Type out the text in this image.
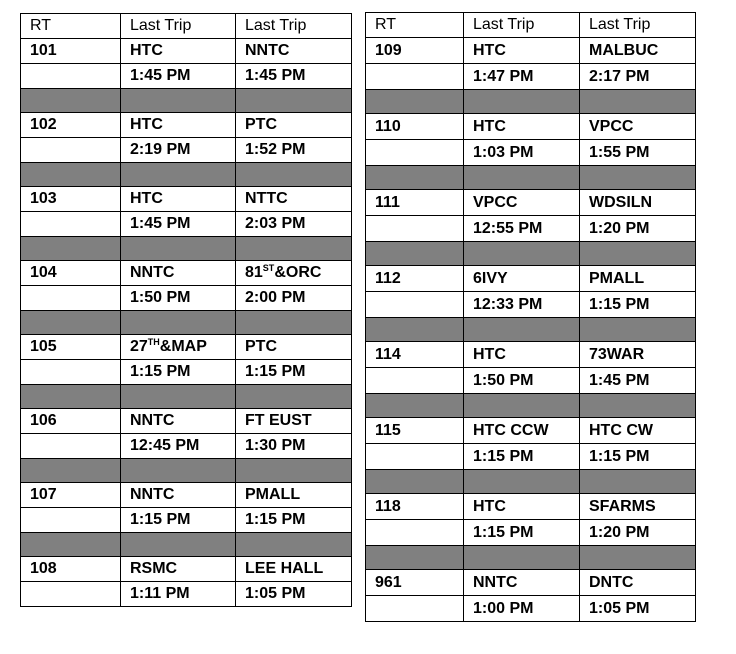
RT	Last Trip	Last Trip
101	HTC	NNTC
	1:45 PM	1:45 PM

102	HTC	PTC
	2:19 PM	1:52 PM

103	HTC	NTTC
	1:45 PM	2:03 PM

104	NNTC	81ST&ORC
	1:50 PM	2:00 PM

105	27TH&MAP	PTC
	1:15 PM	1:15 PM

106	NNTC	FT EUST
	12:45 PM	1:30 PM

107	NNTC	PMALL
	1:15 PM	1:15 PM

108	RSMC	LEE HALL
	1:11 PM	1:05 PM
RT	Last Trip	Last Trip
109	HTC	MALBUC
	1:47 PM	2:17 PM

110	HTC	VPCC
	1:03 PM	1:55 PM

111	VPCC	WDSILN
	12:55 PM	1:20 PM

112	6IVY	PMALL
	12:33 PM	1:15 PM

114	HTC	73WAR
	1:50 PM	1:45 PM

115	HTC CCW	HTC CW
	1:15 PM	1:15 PM

118	HTC	SFARMS
	1:15 PM	1:20 PM

961	NNTC	DNTC
	1:00 PM	1:05 PM
